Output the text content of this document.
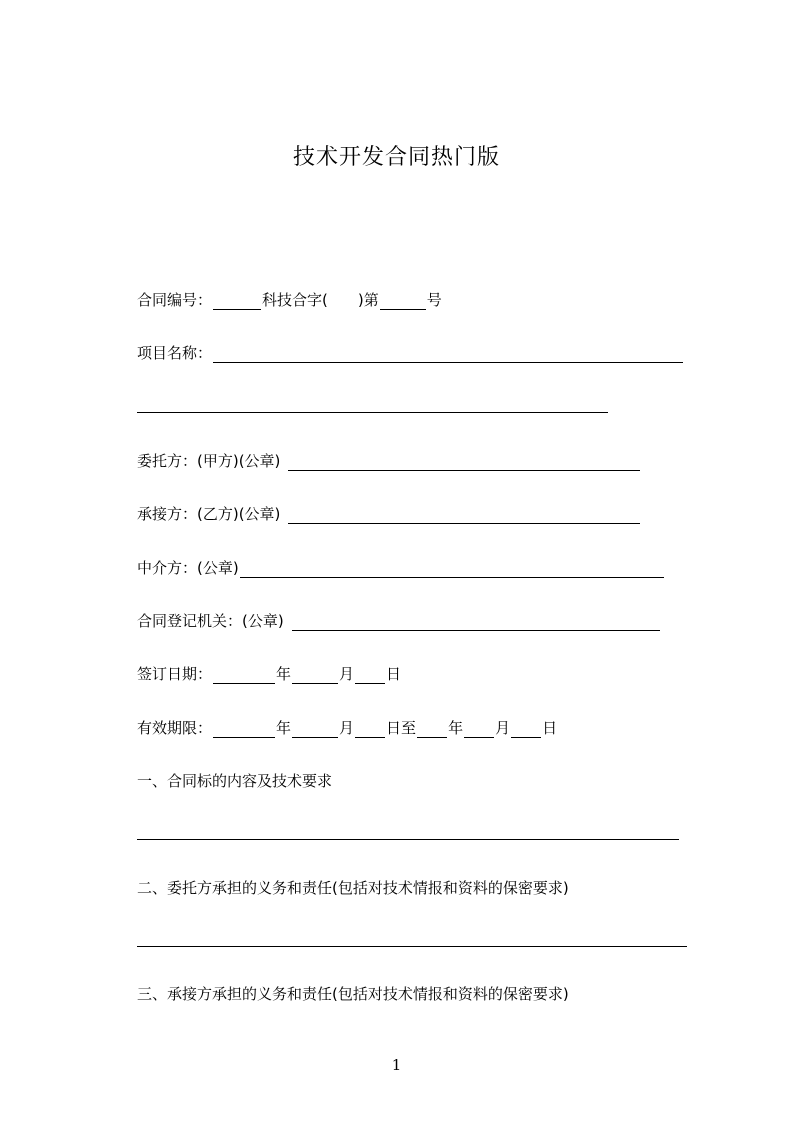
技术开发合同热门版
合同编号：	科技合字(
　　 )第	号
项目名称：
委托方：(甲方)(公章)
承接方：(乙方)(公章)
中介方：(公章)
合同登记机关：(公章)
签订日期：	年	月 日
有效期限：	年	月 日至 年 月 日
一、合同标的内容及技术要求
二、委托方承担的义务和责任(包括对技术情报和资料的保密要求)
三、承接方承担的义务和责任(包括对技术情报和资料的保密要求)
1
